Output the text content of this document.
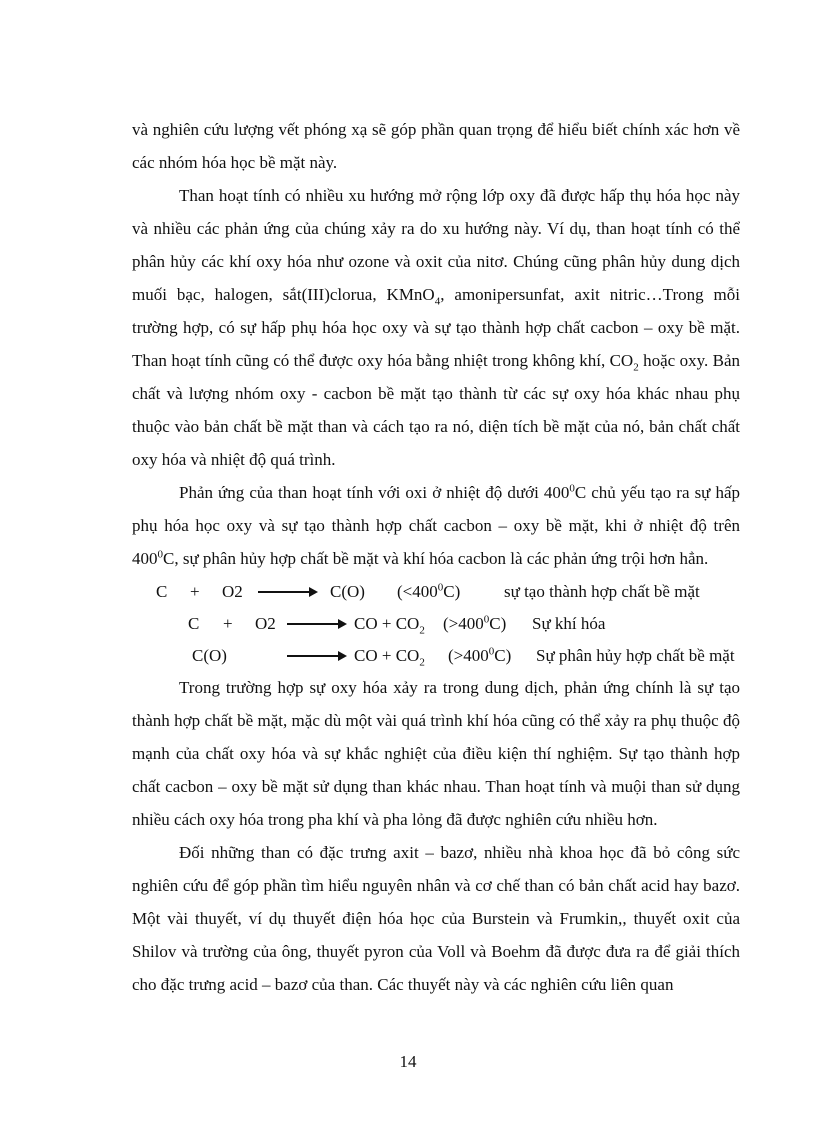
và nghiên cứu lượng vết phóng xạ sẽ góp phần quan trọng để hiểu biết chính xác hơn về các nhóm hóa học bề mặt này.

Than hoạt tính có nhiều xu hướng mở rộng lớp oxy đã được hấp thụ hóa học này và nhiều các phản ứng của chúng xảy ra do xu hướng này. Ví dụ, than hoạt tính có thể phân hủy các khí oxy hóa như ozone và oxit của nitơ. Chúng cũng phân hủy dung dịch muối bạc, halogen, sắt(III)clorua, KMnO$_4$, amonipersunfat, axit nitric…Trong mỗi trường hợp, có sự hấp phụ hóa học oxy và sự tạo thành hợp chất cacbon – oxy bề mặt. Than hoạt tính cũng có thể được oxy hóa bằng nhiệt trong không khí, $CO_2$ hoặc oxy. Bản chất và lượng nhóm oxy - cacbon bề mặt tạo thành từ các sự oxy hóa khác nhau phụ thuộc vào bản chất bề mặt than và cách tạo ra nó, diện tích bề mặt của nó, bản chất chất oxy hóa và nhiệt độ quá trình.

Phản ứng của than hoạt tính với oxi ở nhiệt độ dưới $400^0C$ chủ yếu tạo ra sự hấp phụ hóa học oxy và sự tạo thành hợp chất cacbon – oxy bề mặt, khi ở nhiệt độ trên $400^0C$, sự phân hủy hợp chất bề mặt và khí hóa cacbon là các phản ứng trội hơn hẳn.

C + O2 → C(O) $(<400^0C)$	sự tạo thành hợp chất bề mặt
C + O2 → CO + $CO_2$ $(>400^0C)$ Sự khí hóa
C(O)	→ CO + $CO_2$ $(>400^0C)$ Sự phân hủy hợp chất bề mặt

Trong trường hợp sự oxy hóa xảy ra trong dung dịch, phản ứng chính là sự tạo thành hợp chất bề mặt, mặc dù một vài quá trình khí hóa cũng có thể xảy ra phụ thuộc độ mạnh của chất oxy hóa và sự khắc nghiệt của điều kiện thí nghiệm. Sự tạo thành hợp chất cacbon – oxy bề mặt sử dụng than khác nhau. Than hoạt tính và muội than sử dụng nhiều cách oxy hóa trong pha khí và pha lỏng đã được nghiên cứu nhiều hơn.

Đối những than có đặc trưng axit – bazơ, nhiều nhà khoa học đã bỏ công sức nghiên cứu để góp phần tìm hiểu nguyên nhân và cơ chế than có bản chất acid hay bazơ. Một vài thuyết, ví dụ thuyết điện hóa học của Burstein và Frumkin,, thuyết oxit của Shilov và trường của ông, thuyết pyron của Voll và Boehm đã được đưa ra để giải thích cho đặc trưng acid – bazơ của than. Các thuyết này và các nghiên cứu liên quan

14
